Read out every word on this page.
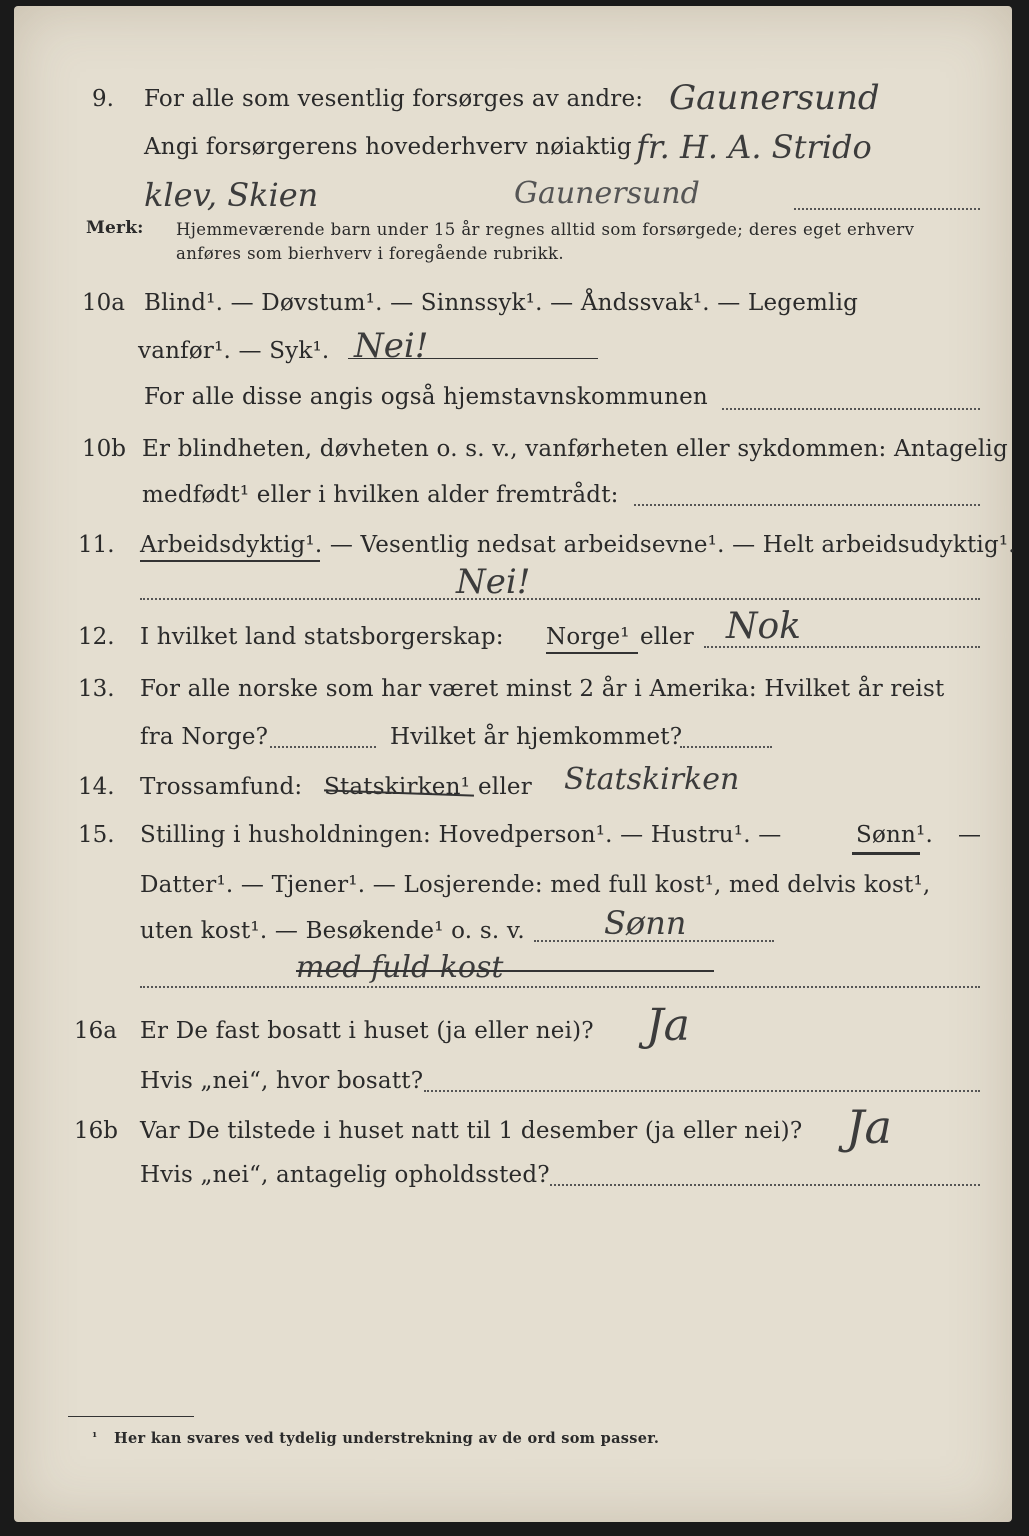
9. For alle som vesentlig forsørges av andre: Gaunersund
Angi forsørgerens hovederhverv nøiaktig fr. H. A. Strido
klev, Skien	Gaunersund
Merk: Hjemmeværende barn under 15 år regnes alltid som forsørgede; deres eget erhverv
anføres som bierhverv i foregående rubrikk.
10a Blind¹. — Døvstum¹. — Sinnssyk¹. — Åndssvak¹. — Legemlig
vanfør¹. — Syk¹. Nei!
For alle disse angis også hjemstavnskommunen
10b Er blindheten, døvheten o. s. v., vanførheten eller sykdommen: Antagelig
medfødt¹ eller i hvilken alder fremtrådt:
11. Arbeidsdyktig¹. — Vesentlig nedsat arbeidsevne¹. — Helt arbeidsudyktig¹.
Nei!
12. I hvilket land statsborgerskap: Norge¹ eller Nok
13. For alle norske som har været minst 2 år i Amerika: Hvilket år reist
fra Norge?	Hvilket år hjemkommet?
14. Trossamfund: Statskirken¹ eller Statskirken
15. Stilling i husholdningen: Hovedperson¹. — Hustru¹. —	Sønn¹. —
Datter¹. — Tjener¹. — Losjerende: med full kost¹, med delvis kost¹,
uten kost¹. — Besøkende¹ o. s. v. Sønn
med fuld kost
16a Er De fast bosatt i huset (ja eller nei)? Ja
Hvis „nei“, hvor bosatt?
16b Var De tilstede i huset natt til 1 desember (ja eller nei)? Ja
Hvis „nei“, antagelig opholdssted?
¹ Her kan svares ved tydelig understrekning av de ord som passer.
